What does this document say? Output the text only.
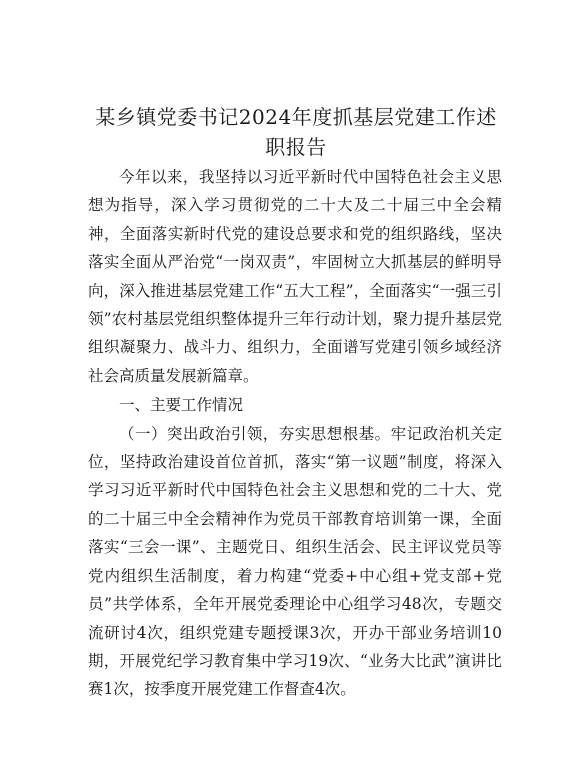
某乡镇党委书记2024年度抓基层党建工作述职报告

今年以来，我坚持以习近平新时代中国特色社会主义思想为指导，深入学习贯彻党的二十大及二十届三中全会精神，全面落实新时代党的建设总要求和党的组织路线，坚决落实全面从严治党“一岗双责”，牢固树立大抓基层的鲜明导向，深入推进基层党建工作“五大工程”，全面落实“一强三引领”农村基层党组织整体提升三年行动计划，聚力提升基层党组织凝聚力、战斗力、组织力，全面谱写党建引领乡域经济社会高质量发展新篇章。

一、主要工作情况

（一）突出政治引领，夯实思想根基。牢记政治机关定位，坚持政治建设首位首抓，落实“第一议题”制度，将深入学习习近平新时代中国特色社会主义思想和党的二十大、党的二十届三中全会精神作为党员干部教育培训第一课，全面落实“三会一课”、主题党日、组织生活会、民主评议党员等党内组织生活制度，着力构建“党委+中心组+党支部+党员”共学体系，全年开展党委理论中心组学习48次，专题交流研讨4次，组织党建专题授课3次，开办干部业务培训10期，开展党纪学习教育集中学习19次、“业务大比武”演讲比赛1次，按季度开展党建工作督查4次。
